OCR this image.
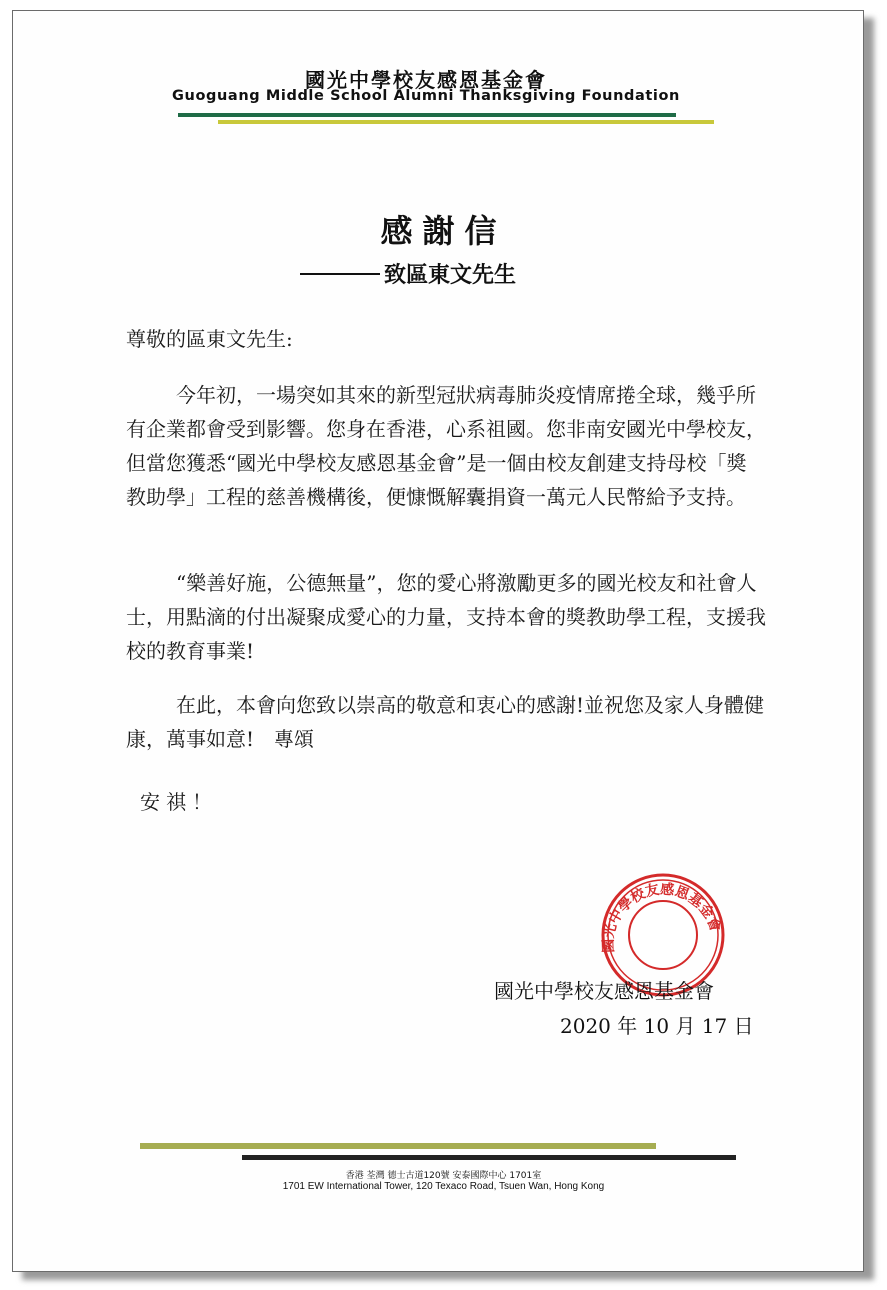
國光中學校友感恩基金會
Guoguang Middle School Alumni Thanksgiving Foundation
感謝信
致區東文先生
尊敬的區東文先生:

今年初，一場突如其來的新型冠狀病毒肺炎疫情席捲全球，幾乎所有企業都會受到影響。您身在香港，心系祖國。您非南安國光中學校友，但當您獲悉“國光中學校友感恩基金會”是一個由校友創建支持母校「獎教助學」工程的慈善機構後，便慷慨解囊捐資一萬元人民幣給予支持。

“樂善好施，公德無量”，您的愛心將激勵更多的國光校友和社會人士，用點滴的付出凝聚成愛心的力量，支持本會的獎教助學工程，支援我校的教育事業!

在此，本會向您致以崇高的敬意和衷心的感謝!並祝您及家人身體健康，萬事如意!　專頌

安祺！
國光中學校友感恩基金會
國光中學校友感恩基金會
2020 年 10 月 17 日
香港 荃灣 德士古道120號 安泰國際中心 1701室
1701 EW International Tower, 120 Texaco Road, Tsuen Wan, Hong Kong
